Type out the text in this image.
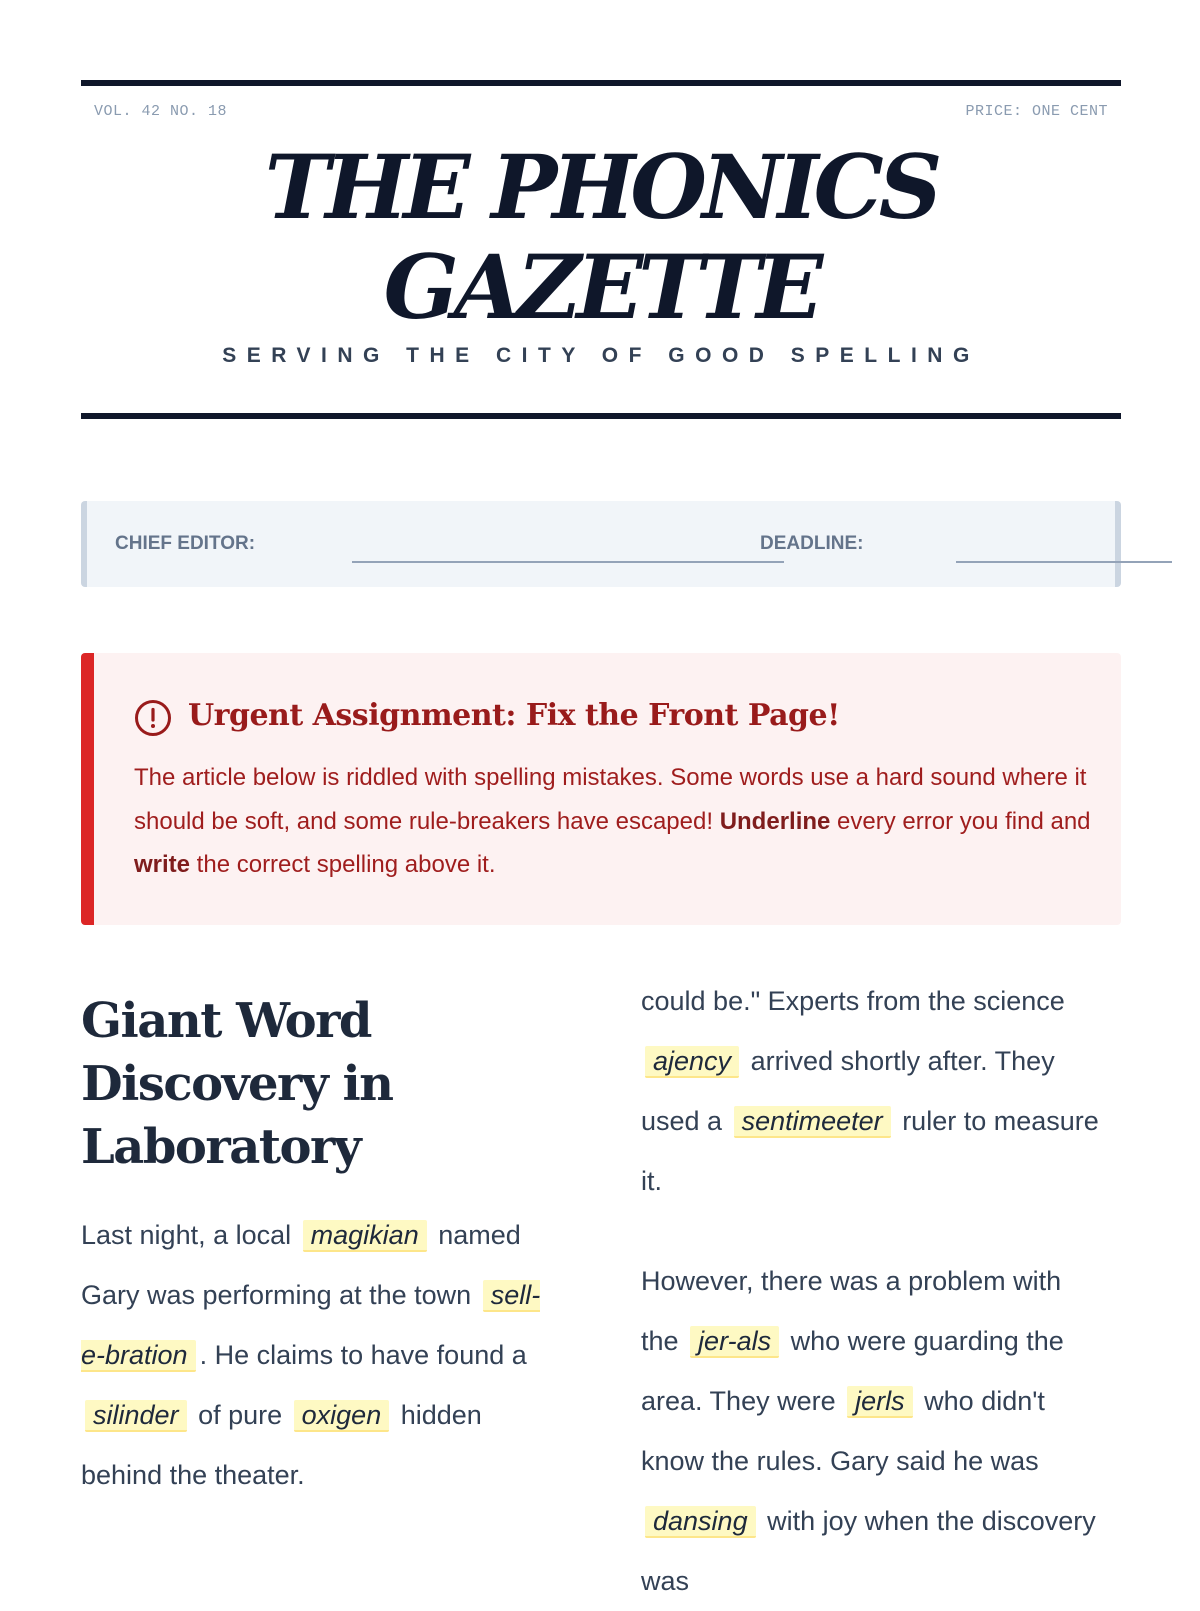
VOL. 42 NO. 18	PRICE: ONE CENT
THE PHONICS GAZETTE
SERVING THE CITY OF GOOD SPELLING
CHIEF EDITOR:	DEADLINE:
Urgent Assignment: Fix the Front Page!
The article below is riddled with spelling mistakes. Some words use a hard sound where it should be soft, and some rule-breakers have escaped! Underline every error you find and write the correct spelling above it.
Giant Word Discovery in Laboratory

Last night, a local magikian named Gary was performing at the town sell-e-bration . He claims to have found a silinder of pure oxigen hidden behind the theater.

could be." Experts from the science ajency arrived shortly after. They used a sentimeeter ruler to measure it.

However, there was a problem with the jer-als who were guarding the area. They were jerls who didn't know the rules. Gary said he was dansing with joy when the discovery was
